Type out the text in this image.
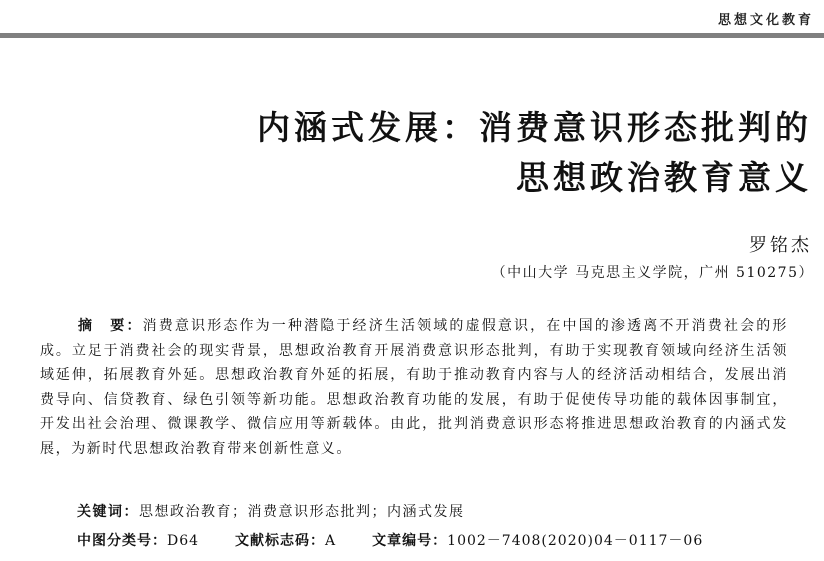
思想文化教育
内涵式发展：消费意识形态批判的
思想政治教育意义
罗铭杰
（中山大学 马克思主义学院，广州 510275）
摘　要：消费意识形态作为一种潜隐于经济生活领域的虚假意识，在中国的渗透离不开消费社会的形成。立足于消费社会的现实背景，思想政治教育开展消费意识形态批判，有助于实现教育领域向经济生活领域延伸，拓展教育外延。思想政治教育外延的拓展，有助于推动教育内容与人的经济活动相结合，发展出消费导向、信贷教育、绿色引领等新功能。思想政治教育功能的发展，有助于促使传导功能的载体因事制宜，开发出社会治理、微课教学、微信应用等新载体。由此，批判消费意识形态将推进思想政治教育的内涵式发展，为新时代思想政治教育带来创新性意义。
关键词：思想政治教育；消费意识形态批判；内涵式发展
中图分类号：D64	文献标志码：A	文章编号：1002－7408(2020)04－0117－06
